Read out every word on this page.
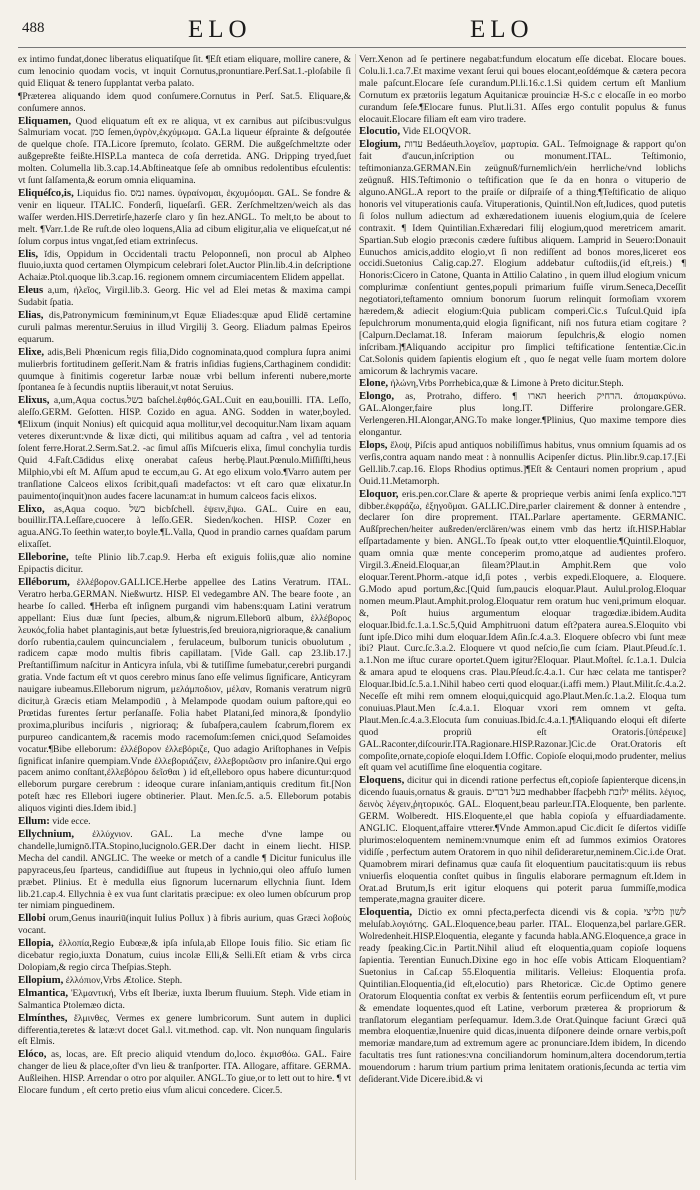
488	ELO	ELO

ex intimo fundat,donec liberatus eliquatiſque ſit. ¶Eſt etiam eliquare, mollire canere, & cum lenocinio quodam vocis, vt inquit Cornutus,pronuntiare.Perſ.Sat.1.-ploſabile ſi quid Eliquat & tenero ſupplantat verba palato.

¶Præterea aliquando idem quod conſumere.Cornutus in Perſ. Sat.5. Eliquare,& conſumere annos.

Eliquamen, Quod eliquatum eſt ex re aliqua, vt ex carnibus aut piſcibus:vulgus Salmuriam vocat. סמן ſemen,ὑγρὸν,ἐκχύμωμα. GA.La liqueur éſprainte & deſgoutée de quelque choſe. ITA.Licore ſpremuto, ſcolato. GERM. Die außgeſchmeltzte oder außgepreßte feißte.HISP.La manteca de coſa derretida. ANG. Dripping tryed,ſuet molten. Columella lib.3.cap.14.Abſtineatque ſeſe ab omnibus redolentibus eſculentis: vt ſunt ſalſamenta,& eorum omnia eliquamina.

Eliquéſco,is, Liquidus fio. נמס names. ὑγραίνομαι, ἐκχυμόομαι. GAL. Se fondre & venir en liqueur. ITALIC. Fonderſi, liqueſarſi. GER. Zerſchmeltzen/weich als das waſſer werden.HIS.Derretirſe,hazerſe claro y ſin hez.ANGL. To melt,to be about to melt. ¶Varr.1.de Re ruſt.de oleo loquens,Alia ad cibum eligitur,alia ve eliqueſcat,ut né ſolum corpus intus vngat,ſed etiam extrinſecus.

Elis, ĭdis, Oppidum in Occidentali tractu Peloponneſi, non procul ab Alpheo fluuio,iuxta quod certamen Olympicum celebrari ſolet.Auctor Plin.lib.4.in deſcriptione Achaiæ.Ptol.quoque lib.3.cap.16. regionem omnem circumiacentem Elidem appellat.

Eleus a,um, ἠλεῖος, Virgil.lib.3. Georg. Hic vel ad Elei metas & maxima campi Sudabit ſpatia.

Elias, dis,Patronymicum fœmininum,vt Equæ Eliades:quæ apud Elidē certamine curuli palmas merentur.Seruius in illud Virgilij 3. Georg. Eliadum palmas Epeiros equarum.

Elixe, adis,Beli Phœnicum regis filia,Dido cognominata,quod complura ſupra animi mulierbris fortitudinem geſſerit.Nam & fratris inſidias fugiens,Carthaginem condidit: quumque à finitimis cogeretur Iarbæ nouæ vrbi bellum inferenti nubere,morte ſpontanea ſe à ſecundis nuptiis liberauit,vt notat Seruius.

Elixus, a,um,Aqua coctus.בשל baſchel.ἑφθός.GAL.Cuit en eau,bouilli. ITA. Leſſo, aleſſo.GERM. Geſotten. HISP. Cozido en agua. ANG. Sodden in water,boyled. ¶Elixum (inquit Nonius) eſt quicquid aqua mollitur,vel decoquitur.Nam lixam aquam veteres dixerunt:vnde & lixæ dicti, qui militibus aquam ad caſtra , vel ad tentoria ſolent ferre.Horat.2.Serm.Sat.2. -ac ſimul aſſis Miſcueris elixa, ſimul conchylia turdis Quid 4.Faſt.Cādidus elixę onerabat caſeus herbę.Plaut.Pœnulo.Miſſiſſti,heus Milphio,vbi eſt M. Aſſum apud te eccum,au G. At ego elixum volo.¶Varro autem per tranſlatione Calceos elixos ſcribit,quaſi madefactos: vt eſt caro quæ elixatur.In pauimento(inquit)non audes facere lacunam:at in humum calceos facis elixos.

Elixo, as,Aqua coquo. בשל bicbſchell. ἑψειν,ἕψω. GAL. Cuire en eau, bouillir.ITA.Leſſare,cuocere à leſſo.GER. Sieden/kochen. HISP. Cozer en agua.ANG.To ſeethin water,to boyle.¶L.Valla, Quod in prandio carnes quaſdam parum elixaſſet.

Elleborine, teſte Plinio lib.7.cap.9. Herba eſt exiguis foliis,quæ alio nomine Epipactis dicitur.

Elléborum, ἑλλέβορον.GALLICE.Herbe appellee des Latins Veratrum. ITAL. Veratro herba.GERMAN. Nießwurtz. HISP. El vedegambre AN. The beare foote , an hearbe ſo called. ¶Herba eſt inſignem purgandi vim habens:quam Latini veratrum appellant: Eius duæ ſunt ſpecies, album,& nigrum.Elleborū album, ἑλλέβορος λευκός,folia habet plantaginis,aut betæ ſyluestris,ſed breuiora,nigrioraque,& canalium dorſo rubentia,caulem quincuncialem , ferulaceum, bulborum tunicis obuolutum , radicem capæ modo multis fibris capillatam. [Vide Gall. cap 23.lib.17.] Preſtantiſſimum naſcitur in Anticyra inſula, vbi & tutiſſime ſumebatur,cerebri purgandi gratia. Vnde factum eſt vt quos cerebro minus ſano eſſe velimus ſignificare, Anticyram nauigare iubeamus.Elleborum nigrum, μελάμποδιον, μέλαν, Romanis veratrum nigrū dicitur,à Græcis etiam Melampodiū , à Melampode quodam ouium paſtore,qui eo Prœtidas furentes ſertur perſanaſſe. Folia habet Platani,ſed minora,& ſpondylio proxima,pluribus inciſuris , nigrioraq; & ſubaſpera,caulem ſcabrum,florem ex purpureo candicantem,& racemis modo racemoſum:ſemen cnici,quod Seſamoides vocatur.¶Bibe elleborum: ἐλλέβορον ἐλλεβόριζε, Quo adagio Ariſtophanes in Veſpis ſignificat inſanire quempiam.Vnde ἐλλεβοριάζειν, ἐλλεβοριῶσιν pro inſanire.Qui ergo pacem animo conſtant,ἐλλεβόρου δεῖσθαι ) id eſt,elleboro opus habere dicuntur:quod elleborum purgare cerebrum : ideoque curare inſaniam,antiquis creditum fit.[Non poteſt hæc res Ellebori iugere obtinerier. Plaut. Men.ſc.5. a.5. Elleborum potabis aliquos viginti dies.Idem ibid.]

Ellum: vide ecce.

Ellychnium, ἐλλύχνιον. GAL. La meche d'vne lampe ou chandelle,lumignō.ITA.Stopino,lucignolo.GER.Der dacht in einem liecht. HISP. Mecha del candil. ANGLIC. The weeke or metch of a candle ¶ Dicitur funiculus ille papyraceus,ſeu ſparteus, candidiſſiue aut ſtupeus in lychnio,qui oleo affuſo lumen præbet. Plinius. Et è medulla eius ſignorum lucernarum ellychnia ſiunt. Idem lib.21.cap.4. Ellychnia è ex vua ſunt claritatis præcipue: ex oleo lumen obſcurum prop ter nimiam pinguedinem.

Ellobi orum,Genus inauriū(inquit Iulius Pollux ) à fibris aurium, quas Græci λοβοὺς vocant.

Ellopia, ἐλλοπία,Regio Eubœæ,& ipſa inſula,ab Ellope Iouis filio. Sic etiam ſic dicebatur regio,iuxta Donatum, cuius incolæ Elli,& Selli.Eſt etiam & vrbs circa Dolopiam,& regio circa Theſpias.Steph.

Ellopium, ἐλλόπιον,Vrbs Ætolice. Steph.

Elmantica, Ἐλμαντική, Vrbs eſt Iberiæ, iuxta Iberum fluuium. Steph. Vide etiam in Salmantica Ptolemæo dicta.

Elmínthes, ἕλμινθες, Vermes ex genere lumbricorum. Sunt autem in duplici differentia,teretes & latæ:vt docet Gal.l. vit.method. cap. vlt. Non nunquam ſingularis eſt Elmis.

Elóco, as, locas, are. Eſt precio aliquid vtendum do,loco. ἐκμισθόω. GAL. Faire changer de lieu & place,oſter d'vn lieu & tranſporter. ITA. Allogare, affitare. GERMA. Außleihen. HISP. Arrendar o otro por alquiler. ANGL.To giue,or to lett out to hire. ¶ vt Elocare fundum , eſt certo pretio eius vſum alicui concedere. Cicer.5.

Verr.Xenon ad ſe pertinere negabat:fundum elocatum eſſe dicebat. Elocare boues. Colu.li.1.ca.7.Et maxime vexant ſerui qui boues elocant,eoſdémque & cætera pecora male paſcunt.Elocare ſeſe curandum.Pl.li.16.c.1.Si quidem certum eſt Manlium Cornutum ex prætoriis legatum Aquitanicæ prouinciæ H-S.c c elocaſſe in eo morbo curandum ſeſe.¶Elocare funus. Plut.li.31. Aſſes ergo contulit populus & funus elocauit.Elocare filiam eſt eam viro tradere.

Elocutio, Vide ELOQVOR.

Elogium, עדות Bedáeuth.λογεῖον, μαρτυρία. GAL. Teſmoignage & rapport qu'on fait d'aucun,inſcription ou monument.ITAL. Teſtimonio, teſtimonianza.GERMAN.Ein zeügnuß/furnemlich/ein herrliche/vnd loblichs zeügnuß. HIS.Teſtimonio o teſtification que ſe da en honra o vituperio de alguno.ANGL.A report to the praiſe or diſpraiſe of a thing.¶Teſtificatio de aliquo honoris vel vituperationis cauſa. Vituperationis, Quintil.Non eſt,Iudices, quod putetis ſi ſolos nullum adiectum ad exhæredationem iuuenis elogium,quia de ſcelere contraxit. ¶ Idem Quintilian.Exhæredari filij elogium,quod meretricem amarit. Spartian.Sub elogio præconis cædere ſuſtibus aliquem. Lamprid in Seuero:Donauit Eunuchos amicis,addito elogio,vt ſi non rediſſent ad bonos mores,liceret eos occidi.Suetonius Calig.cap.27. Elogium addebatur cuſtodiis,(id eſt,reis.) ¶ Honoris:Cicero in Catone, Quanta in Attilio Calatino , in quem illud elogium vnicum complurimæ conſentiunt gentes,populi primarium fuiſſe virum.Seneca,Deceſſit negotiatori,teſtamento omnium bonorum ſuorum relinquit ſormoſiam vxorem hæredem,& adiecit elogium:Quia publicam comperi.Cic.s Tuſcul.Quid ipſa ſepulchrorum monumenta,quid elogia ſignificant, niſi nos futura etiam cogitare ? [Calpurn.Declamat.18. Inferam maiorum ſepulchris,& elogio nomen inſcribam.]¶Aliquando accipitur pro ſimplici teſtificatione ſententiæ.Cic.in Cat.Solonis quidem ſapientis elogium eſt , quo ſe negat velle ſuam mortem dolore amicorum & lachrymis vacare.

Elone, ἠλώνη,Vrbs Porrhebica,quæ & Limone à Preto dicitur.Steph.

Elongo, as, Protraho, differo. ¶ הארו heerich הרחיק. ἀπομακρύνω. GAL.Alonger,faire plus long.IT. Differire prolongare.GER. Verlengeren.HI.Alongar,ANG.To make longer.¶Plinius, Quo maxime tempore dies elongantur.

Elops, ἔλοψ, Piſcis apud antiquos nobiliſſimus habitus, vnus omnium ſquamis ad os verſis,contra aquam nando meat : à nonnullis Acipenſer dictus. Plin.libr.9.cap.17.[Ei Gell.lib.7.cap.16. Elops Rhodius optimus.]¶Eſt & Centauri nomen proprium , apud Ouid.11.Metamorph.

Eloquor, eris.pen.cor.Clare & aperte & proprieque verbis animi ſenſa explico.דבר dibber.ἐκφράζω, ἐξηγοῦμαι. GALLIC.Dire,parler clairement & donner à entendre , declarer ſon dire proprement. ITAL.Parlare apertamente. GERMANIC. Außſprechen/heiter außreden/erclären/was einem vmb das hertz iſt.HISP.Hablar eſſpartadamente y bien. ANGL.To ſpeak out,to vtter eloquentlie.¶Quintil.Eloquor, quam omnia quæ mente conceperim promo,atque ad audientes profero. Virgil.3.Æneid.Eloquar,an ſileam?Plaut.in Amphit.Rem que volo eloquar.Terent.Phorm.-atque id,ſi potes , verbis expedi.Eloquere, a. Eloquere. G.Modo apud portum,&c.[Quid ſum,paucis eloquar.Plaut. Aulul.prolog.Eloquar nomen meum.Plaut.Amphit.prolog.Eloquatur rem oratum huc veni,primum eloquar. &, Poſt huius argumentum eloquar tragœdiæ.ibidem.Audita eloquar.Ibid.fc.1.a.1.Sc.5,Quid Amphitruoni datum eſt?patera aurea.S.Eloquito vbi ſunt ipſe.Dico mihi dum eloquar.Idem Aſin.ſc.4.a.3. Eloquere obſecro vbi ſunt meæ ibi? Plaut. Curc.ſc.3.a.2. Eloquere vt quod neſcio,ſie cum ſciam. Plaut.Pſeud.ſc.1. a.1.Non me iſtuc curare oportet.Quem igitur?Eloquar. Plaut.Moſtel. ſc.1.a.1. Dulcia & amara apud te eloquens cras. Plau.Pſeud.ſc.4.a.1. Cur hæc celata me tantisper?Eloquar.Ibid.ſc.5.a.1.Nihil habeo certi quod eloquar.(i.affi mem.) Plaut.Milit.ſc.4.a.2. Neceſſe eſt mihi rem omnem eloqui,quicquid ago.Plaut.Men.ſc.1.a.2. Eloqua tum conuiuas.Plaut.Men ſc.4.a.1. Eloquar vxori rem omnem vt geſta. Plaut.Men.ſc.4.a.3.Elocuta ſum conuiuas.Ibid.ſc.4.a.1.]¶Aliquando eloqui eſt diſerte quod propriũ eſt Oratoris.[ὑπέρεικε] GAL.Raconter,diſcourir.ITA.Ragionare.HISP.Razonar.]Cic.de Orat.Oratoris eſt compoſite,ornate,copioſe eloqui.Idem I.Offic. Copioſe eloqui,modo prudenter, melius eſt quam vel acutiſſime ſine eloquentia cogitare.

Eloquens, dicitur qui in dicendi ratione perfectus eſt,copioſe ſapienterque dicens,in dicendo ſuauis,ornatus & grauis. בעל דברים medhabber ſfacþebh ילזבת mélits. λέγιος, δεινὸς λέγειν,ῥητορικός. GAL. Eloquent,beau parleur.ITA.Eloquente, ben parlente. GERM. Wolberedt. HIS.Eloquente,el que habla copioſa y eſfuardiadamente. ANGLIC. Eloquent,affaire vtterer.¶Vnde Ammon.apud Cic.dicit ſe diſertos vidiſſe plurimos:eloquentem neminem:vnumque enim eſt ad ſummos eximios Oratores vidiſſe , perfectum autem Oratorem in quo nihil deſideraretur,neminem.Cic.i.de Orat. Quamobrem mirari definamus quæ cauſa ſit eloquentium paucitatis:quum iis rebus vniuerſis eloquentia conſtet quibus in ſingulis elaborare permagnum eſt.Idem in Orat.ad Brutum,Is erit igitur eloquens qui poterit parua ſummiſſe,modica temperate,magna grauiter dicere.

Eloquentia, Dictio ex omni pfecta,perfecta dicendi vis & copia. לשון מליצי meluſab.λογιότης. GAL.Eloquence,beau parler. ITAL. Eloquenza,bel parlare.GER. Wolredenheit.HISP.Eloquentia, elegante y facunda habla.ANG.Eloquence,a grace in ready ſpeaking.Cic.in Partit.Nihil aliud eſt eloquentia,quam copioſe loquens ſapientia. Terentian Eunuch.Dixine ego in hoc eſſe vobis Atticam Eloquentiam? Suetonius in Caſ.cap 55.Eloquentia militaris. Velleius: Eloquentia profa. Quintilian.Eloquentia,(id eſt,elocutio) pars Rhetoricæ. Cic.de Optimo genere Oratorum Eloquentia conſtat ex verbis & ſententiis eorum perfiicendum eſt, vt pure & emendate loquentes,quod eſt Latine, verborum præterea & propriorum & tranſlatorum elegantiam perſequamur. Idem.3.de Orat.Quinque faciunt Græci quā membra eloquentiæ,Inuenire quid dicas,inuenta diſponere deinde ornare verbis,poſt memoriæ mandare,tum ad extremum agere ac pronunciare.Idem ibidem, In dicendo facultatis tres ſunt rationes:vna conciliandorum hominum,altera docendorum,tertia mouendorum : harum trium partium prima lenitatem orationis,ſecunda ac tertia vim deſiderant.Vide Dicere.ibid.& vi
